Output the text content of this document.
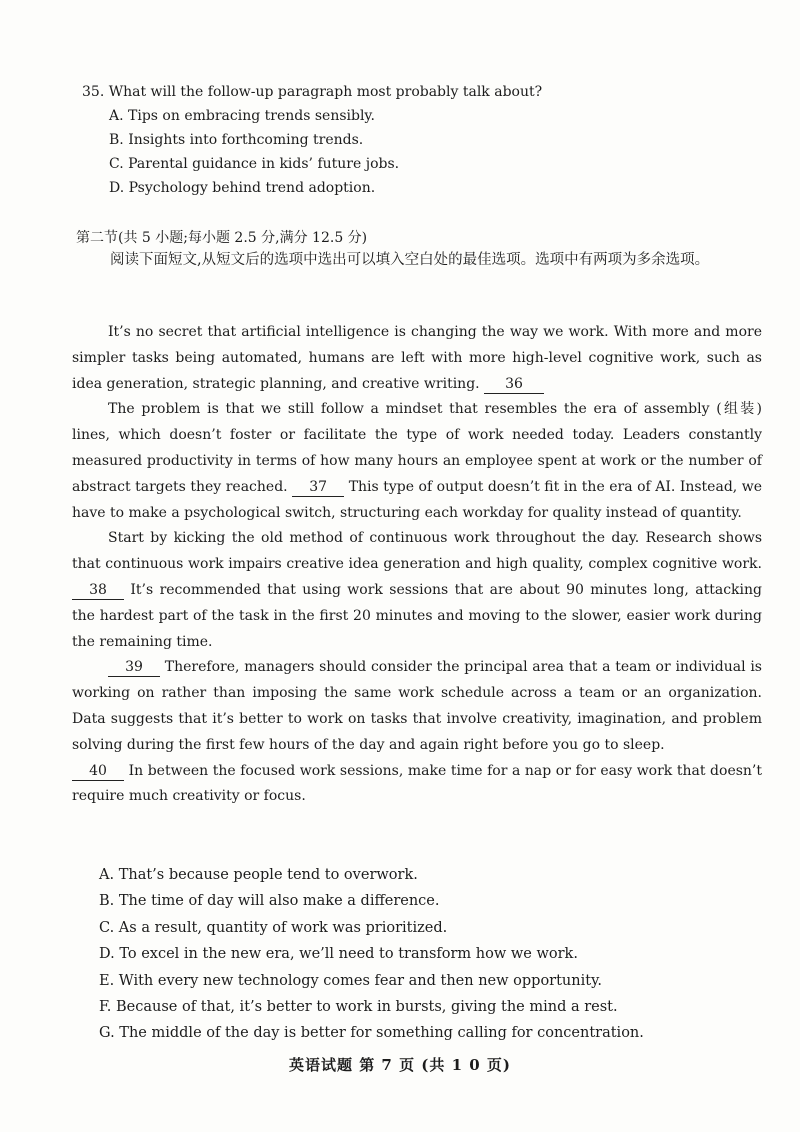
35. What will the follow-up paragraph most probably talk about?
A. Tips on embracing trends sensibly.
B. Insights into forthcoming trends.
C. Parental guidance in kids’ future jobs.
D. Psychology behind trend adoption.
第二节(共 5 小题;每小题 2.5 分,满分 12.5 分)
阅读下面短文,从短文后的选项中选出可以填入空白处的最佳选项。选项中有两项为多余选项。

It’s no secret that artificial intelligence is changing the way we work. With more and more simpler tasks being automated, humans are left with more high-level cognitive work, such as idea generation, strategic planning, and creative writing. 36

The problem is that we still follow a mindset that resembles the era of assembly (组装) lines, which doesn’t foster or facilitate the type of work needed today. Leaders constantly measured productivity in terms of how many hours an employee spent at work or the number of abstract targets they reached. 37 This type of output doesn’t fit in the era of AI. Instead, we have to make a psychological switch, structuring each workday for quality instead of quantity.

Start by kicking the old method of continuous work throughout the day. Research shows that continuous work impairs creative idea generation and high quality, complex cognitive work. 38 It’s recommended that using work sessions that are about 90 minutes long, attacking the hardest part of the task in the first 20 minutes and moving to the slower, easier work during the remaining time.

39 Therefore, managers should consider the principal area that a team or individual is working on rather than imposing the same work schedule across a team or an organization. Data suggests that it’s better to work on tasks that involve creativity, imagination, and problem solving during the first few hours of the day and again right before you go to sleep.

40 In between the focused work sessions, make time for a nap or for easy work that doesn’t require much creativity or focus.

A. That’s because people tend to overwork.
B. The time of day will also make a difference.
C. As a result, quantity of work was prioritized.
D. To excel in the new era, we’ll need to transform how we work.
E. With every new technology comes fear and then new opportunity.
F. Because of that, it’s better to work in bursts, giving the mind a rest.
G. The middle of the day is better for something calling for concentration.
英语试题 第 7 页 (共 1 0 页)
